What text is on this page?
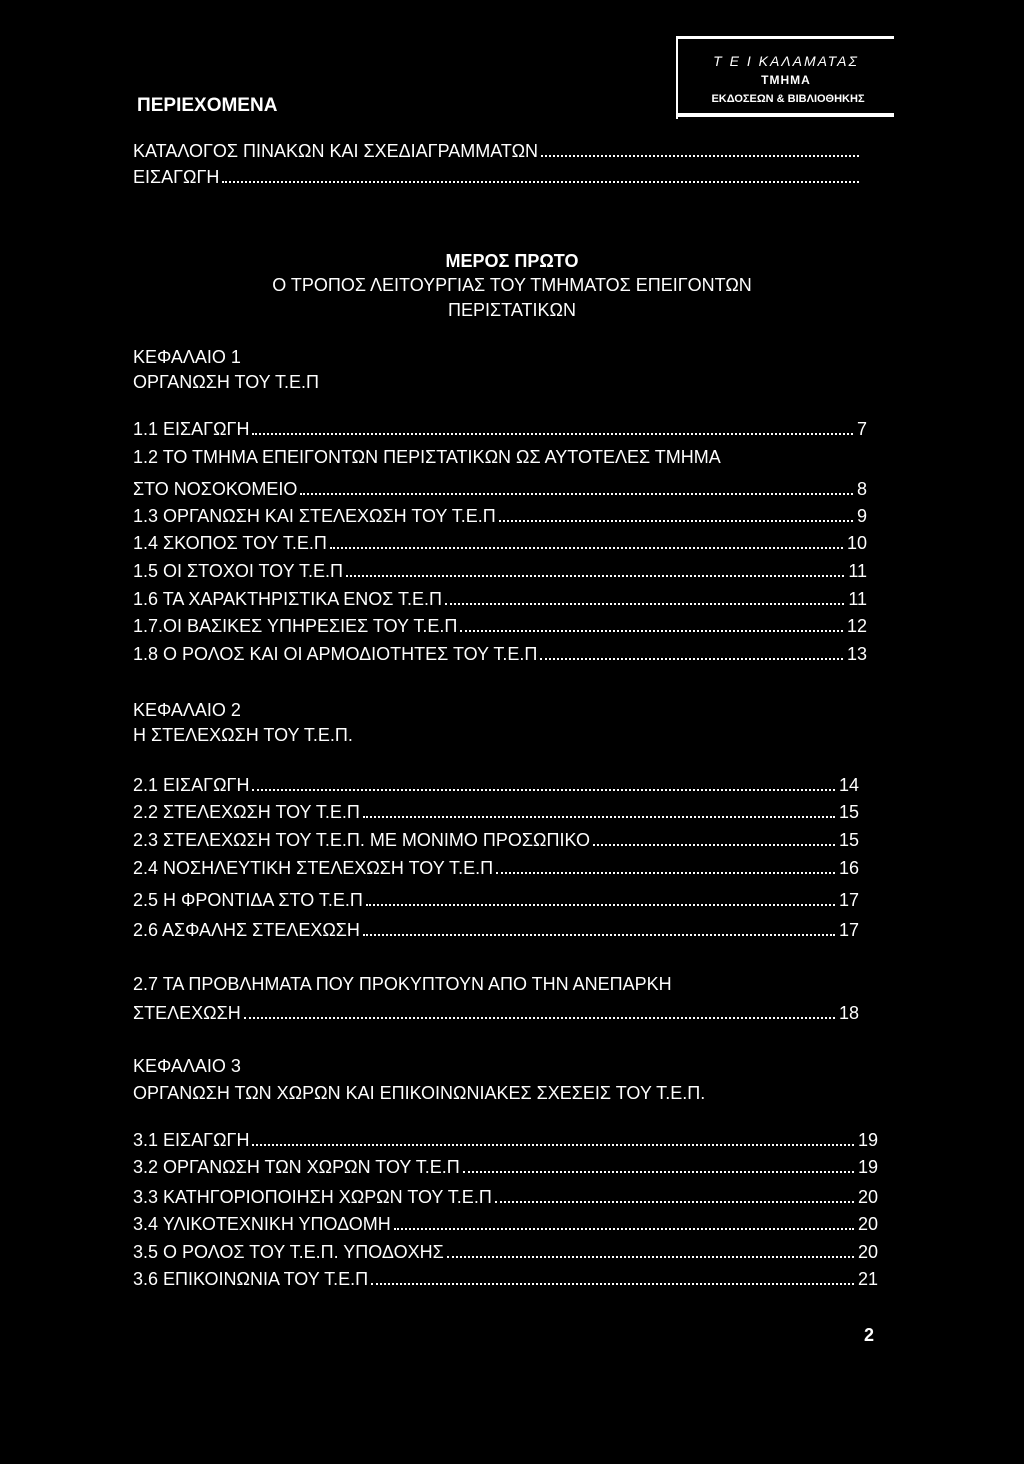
ΠΕΡΙΕΧΟΜΕΝΑ
Τ Ε Ι ΚΑΛΑΜΑΤΑΣ
ΤΜΗΜΑ
ΕΚΔΟΣΕΩΝ & ΒΙΒΛΙΟΘΗΚΗΣ
ΚΑΤΑΛΟΓΟΣ ΠΙΝΑΚΩΝ ΚΑΙ ΣΧΕΔΙΑΓΡΑΜΜΑΤΩΝ
ΕΙΣΑΓΩΓΗ
ΜΕΡΟΣ ΠΡΩΤΟ
Ο ΤΡΟΠΟΣ ΛΕΙΤΟΥΡΓΙΑΣ ΤΟΥ ΤΜΗΜΑΤΟΣ ΕΠΕΙΓΟΝΤΩΝ
ΠΕΡΙΣΤΑΤΙΚΩΝ
ΚΕΦΑΛΑΙΟ 1
ΟΡΓΑΝΩΣΗ ΤΟΥ Τ.Ε.Π
1.1 ΕΙΣΑΓΩΓΗ	7
1.2 ΤΟ ΤΜΗΜΑ ΕΠΕΙΓΟΝΤΩΝ ΠΕΡΙΣΤΑΤΙΚΩΝ ΩΣ ΑΥΤΟΤΕΛΕΣ ΤΜΗΜΑ
ΣΤΟ ΝΟΣΟΚΟΜΕΙΟ	8
1.3 ΟΡΓΑΝΩΣΗ ΚΑΙ ΣΤΕΛΕΧΩΣΗ ΤΟΥ Τ.Ε.Π	9
1.4 ΣΚΟΠΟΣ ΤΟΥ Τ.Ε.Π	10
1.5 ΟΙ ΣΤΟΧΟΙ ΤΟΥ Τ.Ε.Π	11
1.6 ΤΑ ΧΑΡΑΚΤΗΡΙΣΤΙΚΑ ΕΝΟΣ Τ.Ε.Π	11
1.7.ΟΙ ΒΑΣΙΚΕΣ ΥΠΗΡΕΣΙΕΣ ΤΟΥ Τ.Ε.Π	12
1.8 Ο ΡΟΛΟΣ ΚΑΙ ΟΙ ΑΡΜΟΔΙΟΤΗΤΕΣ ΤΟΥ Τ.Ε.Π	13
ΚΕΦΑΛΑΙΟ 2
Η ΣΤΕΛΕΧΩΣΗ ΤΟΥ Τ.Ε.Π.
2.1 ΕΙΣΑΓΩΓΗ	14
2.2 ΣΤΕΛΕΧΩΣΗ ΤΟΥ Τ.Ε.Π	15
2.3 ΣΤΕΛΕΧΩΣΗ ΤΟΥ Τ.Ε.Π. ΜΕ ΜΟΝΙΜΟ ΠΡΟΣΩΠΙΚΟ	15
2.4 ΝΟΣΗΛΕΥΤΙΚΗ ΣΤΕΛΕΧΩΣΗ ΤΟΥ Τ.Ε.Π	16
2.5 Η ΦΡΟΝΤΙΔΑ ΣΤΟ Τ.Ε.Π	17
2.6 ΑΣΦΑΛΗΣ ΣΤΕΛΕΧΩΣΗ	17
2.7 ΤΑ ΠΡΟΒΛΗΜΑΤΑ ΠΟΥ ΠΡΟΚΥΠΤΟΥΝ ΑΠΟ ΤΗΝ ΑΝΕΠΑΡΚΗ
ΣΤΕΛΕΧΩΣΗ	18
ΚΕΦΑΛΑΙΟ 3
ΟΡΓΑΝΩΣΗ ΤΩΝ ΧΩΡΩΝ ΚΑΙ ΕΠΙΚΟΙΝΩΝΙΑΚΕΣ ΣΧΕΣΕΙΣ ΤΟΥ Τ.Ε.Π.
3.1 ΕΙΣΑΓΩΓΗ	19
3.2 ΟΡΓΑΝΩΣΗ ΤΩΝ ΧΩΡΩΝ ΤΟΥ Τ.Ε.Π	19
3.3 ΚΑΤΗΓΟΡΙΟΠΟΙΗΣΗ ΧΩΡΩΝ ΤΟΥ Τ.Ε.Π	20
3.4 ΥΛΙΚΟΤΕΧΝΙΚΗ ΥΠΟΔΟΜΗ	20
3.5 Ο ΡΟΛΟΣ ΤΟΥ Τ.Ε.Π. ΥΠΟΔΟΧΗΣ	20
3.6 ΕΠΙΚΟΙΝΩΝΙΑ ΤΟΥ Τ.Ε.Π	21
2
